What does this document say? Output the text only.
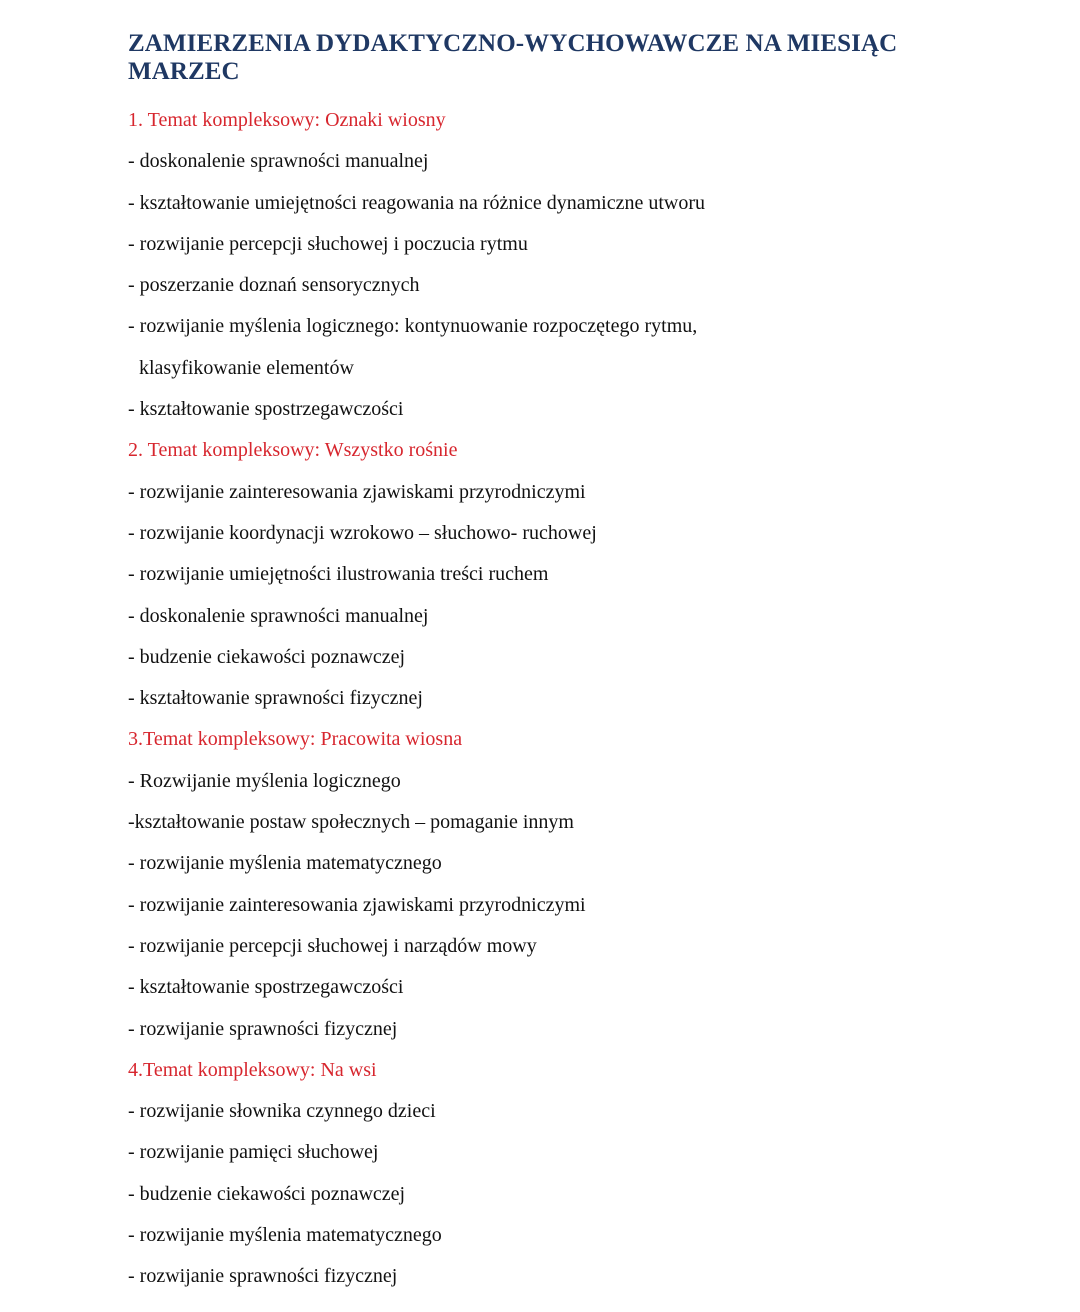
ZAMIERZENIA DYDAKTYCZNO-WYCHOWAWCZE NA MIESIĄC
MARZEC
1. Temat kompleksowy: Oznaki wiosny
- doskonalenie sprawności manualnej
- kształtowanie umiejętności reagowania na różnice dynamiczne utworu
- rozwijanie percepcji słuchowej i poczucia rytmu
- poszerzanie doznań sensorycznych
- rozwijanie myślenia logicznego: kontynuowanie rozpoczętego rytmu,
klasyfikowanie elementów
- kształtowanie spostrzegawczości
2. Temat kompleksowy: Wszystko rośnie
- rozwijanie zainteresowania zjawiskami przyrodniczymi
- rozwijanie koordynacji wzrokowo – słuchowo- ruchowej
- rozwijanie umiejętności ilustrowania treści ruchem
- doskonalenie sprawności manualnej
- budzenie ciekawości poznawczej
- kształtowanie sprawności fizycznej
3.Temat kompleksowy: Pracowita wiosna
- Rozwijanie myślenia logicznego
-kształtowanie postaw społecznych – pomaganie innym
- rozwijanie myślenia matematycznego
- rozwijanie zainteresowania zjawiskami przyrodniczymi
- rozwijanie percepcji słuchowej i narządów mowy
- kształtowanie spostrzegawczości
- rozwijanie sprawności fizycznej
4.Temat kompleksowy: Na wsi
- rozwijanie słownika czynnego dzieci
- rozwijanie pamięci słuchowej
- budzenie ciekawości poznawczej
- rozwijanie myślenia matematycznego
- rozwijanie sprawności fizycznej
